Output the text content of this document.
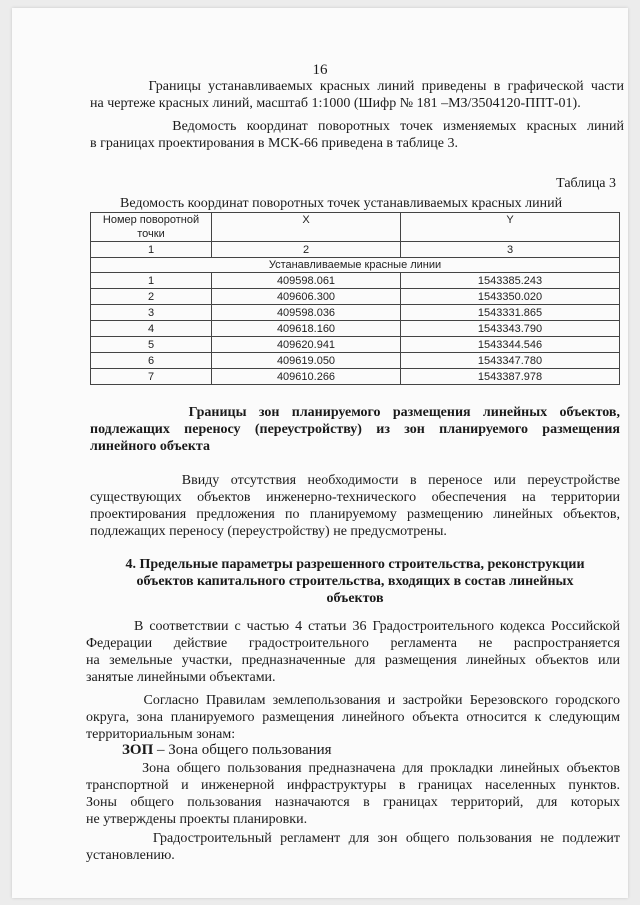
16
Границы устанавливаемых красных линий приведены в графической части
на чертеже красных линий, масштаб 1:1000 (Шифр № 181 –МЗ/3504120-ППТ-01).
Ведомость координат поворотных точек изменяемых красных линий
в границах проектирования в МСК-66 приведена в таблице 3.
Таблица 3
Ведомость координат поворотных точек устанавливаемых красных линий
Номер поворотной точки	X	Y
1	2	3
Устанавливаемые красные линии		
1	409598.061	1543385.243
2	409606.300	1543350.020
3	409598.036	1543331.865
4	409618.160	1543343.790
5	409620.941	1543344.546
6	409619.050	1543347.780
7	409610.266	1543387.978
Границы зон планируемого размещения линейных объектов,
подлежащих переносу (переустройству) из зон планируемого размещения
линейного объекта
Ввиду отсутствия необходимости в переносе или переустройстве
существующих объектов инженерно-технического обеспечения на территории
проектирования предложения по планируемому размещению линейных объектов,
подлежащих переносу (переустройству) не предусмотрены.
4. Предельные параметры разрешенного строительства, реконструкции
объектов капитального строительства, входящих в состав линейных
объектов
В соответствии с частью 4 статьи 36 Градостроительного кодекса Российской
Федерации действие градостроительного регламента не распространяется
на земельные участки, предназначенные для размещения линейных объектов или
занятые линейными объектами.
Согласно Правилам землепользования и застройки Березовского городского
округа, зона планируемого размещения линейного объекта относится к следующим
территориальным зонам:
ЗОП – Зона общего пользования
Зона общего пользования предназначена для прокладки линейных объектов
транспортной и инженерной инфраструктуры в границах населенных пунктов.
Зоны общего пользования назначаются в границах территорий, для которых
не утверждены проекты планировки.
Градостроительный регламент для зон общего пользования не подлежит
установлению.
